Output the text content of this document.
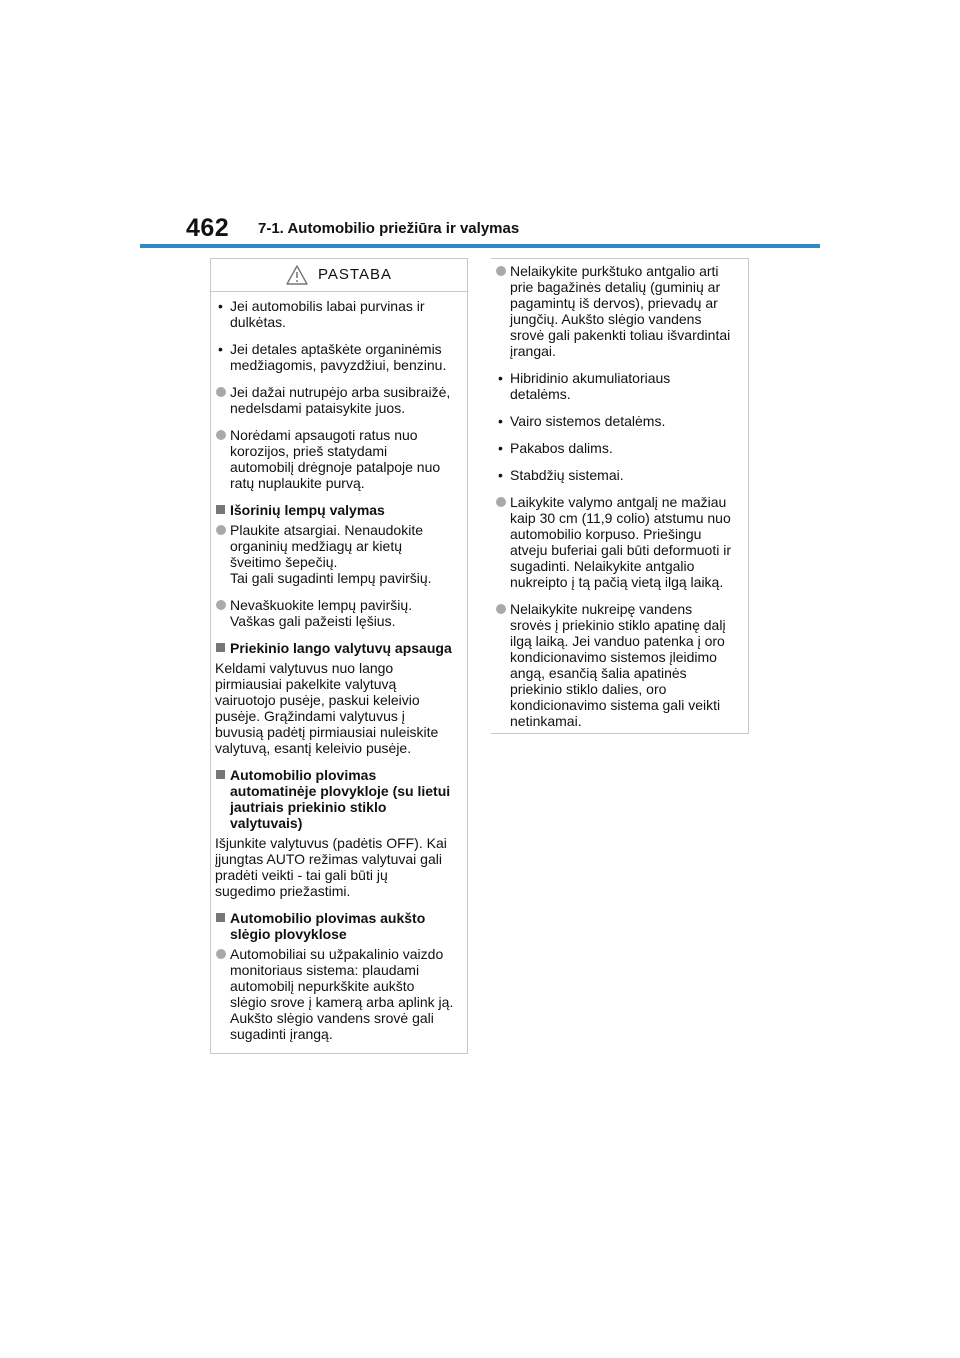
462 7-1. Automobilio priežiūra ir valymas
PASTABA
• Jei automobilis labai purvinas ir
dulkėtas.
• Jei detales aptaškėte organinėmis
medžiagomis, pavyzdžiui, benzinu.
Jei dažai nutrupėjo arba susibraižė,
nedelsdami pataisykite juos.
Norėdami apsaugoti ratus nuo
korozijos, prieš statydami
automobilį drėgnoje patalpoje nuo
ratų nuplaukite purvą.
Išorinių lempų valymas
Plaukite atsargiai. Nenaudokite
organinių medžiagų ar kietų
šveitimo šepečių.
Tai gali sugadinti lempų paviršių.
Nevaškuokite lempų paviršių.
Vaškas gali pažeisti lęšius.
Priekinio lango valytuvų apsauga
Keldami valytuvus nuo lango
pirmiausiai pakelkite valytuvą
vairuotojo pusėje, paskui keleivio
pusėje. Grąžindami valytuvus į
buvusią padėtį pirmiausiai nuleiskite
valytuvą, esantį keleivio pusėje.
Automobilio plovimas
automatinėje plovykloje (su lietui
jautriais priekinio stiklo
valytuvais)
Išjunkite valytuvus (padėtis OFF). Kai
įjungtas AUTO režimas valytuvai gali
pradėti veikti - tai gali būti jų
sugedimo priežastimi.
Automobilio plovimas aukšto
slėgio plovyklose
Automobiliai su užpakalinio vaizdo
monitoriaus sistema: plaudami
automobilį nepurkškite aukšto
slėgio srove į kamerą arba aplink ją.
Aukšto slėgio vandens srovė gali
sugadinti įrangą.
Nelaikykite purkštuko antgalio arti
prie bagažinės detalių (guminių ar
pagamintų iš dervos), prievadų ar
jungčių. Aukšto slėgio vandens
srovė gali pakenkti toliau išvardintai
įrangai.
• Hibridinio akumuliatoriaus
detalėms.
• Vairo sistemos detalėms.
• Pakabos dalims.
• Stabdžių sistemai.
Laikykite valymo antgalį ne mažiau
kaip 30 cm (11,9 colio) atstumu nuo
automobilio korpuso. Priešingu
atveju buferiai gali būti deformuoti ir
sugadinti. Nelaikykite antgalio
nukreipto į tą pačią vietą ilgą laiką.
Nelaikykite nukreipę vandens
srovės į priekinio stiklo apatinę dalį
ilgą laiką. Jei vanduo patenka į oro
kondicionavimo sistemos įleidimo
angą, esančią šalia apatinės
priekinio stiklo dalies, oro
kondicionavimo sistema gali veikti
netinkamai.
